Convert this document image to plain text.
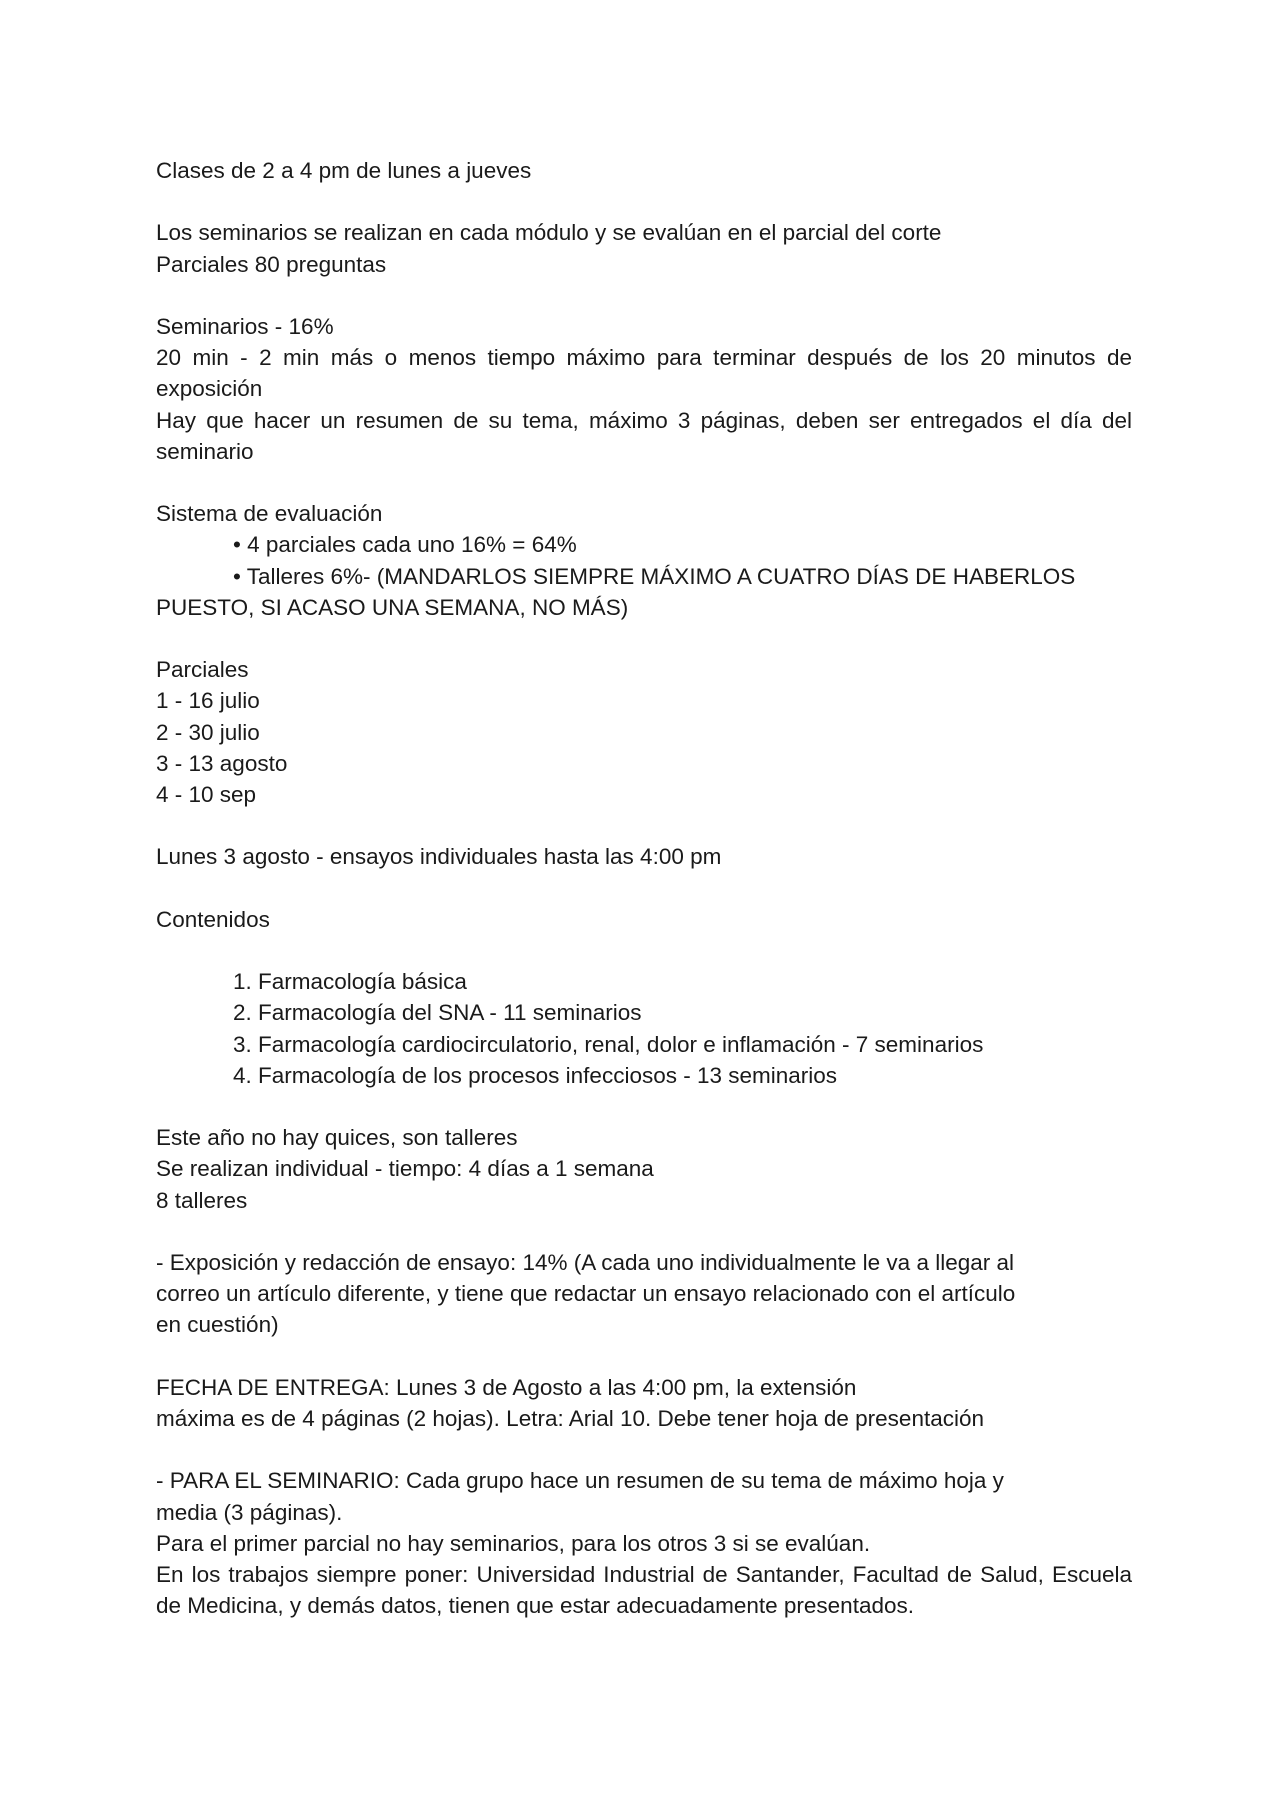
Clases de 2 a 4 pm de lunes a jueves
Los seminarios se realizan en cada módulo y se evalúan en el parcial del corte
Parciales 80 preguntas
Seminarios - 16%
20 min - 2 min más o menos tiempo máximo para terminar después de los 20 minutos de exposición
Hay que hacer un resumen de su tema, máximo 3 páginas, deben ser entregados el día del seminario
Sistema de evaluación
• 4 parciales cada uno 16% = 64%
• Talleres 6%- (MANDARLOS SIEMPRE MÁXIMO A CUATRO DÍAS DE HABERLOS
PUESTO, SI ACASO UNA SEMANA, NO MÁS)
Parciales
1 - 16 julio
2 - 30 julio
3 - 13 agosto
4 - 10 sep
Lunes 3 agosto - ensayos individuales hasta las 4:00 pm
Contenidos
1. Farmacología básica
2. Farmacología del SNA - 11 seminarios
3. Farmacología cardiocirculatorio, renal, dolor e inflamación - 7 seminarios
4. Farmacología de los procesos infecciosos - 13 seminarios
Este año no hay quices, son talleres
Se realizan individual - tiempo: 4 días a 1 semana
8 talleres
- Exposición y redacción de ensayo: 14% (A cada uno individualmente le va a llegar al
correo un artículo diferente, y tiene que redactar un ensayo relacionado con el artículo
en cuestión)
FECHA DE ENTREGA: Lunes 3 de Agosto a las 4:00 pm, la extensión
máxima es de 4 páginas (2 hojas). Letra: Arial 10. Debe tener hoja de presentación
- PARA EL SEMINARIO: Cada grupo hace un resumen de su tema de máximo hoja y
media (3 páginas).
Para el primer parcial no hay seminarios, para los otros 3 si se evalúan.
En los trabajos siempre poner: Universidad Industrial de Santander, Facultad de Salud, Escuela de Medicina, y demás datos, tienen que estar adecuadamente presentados.
